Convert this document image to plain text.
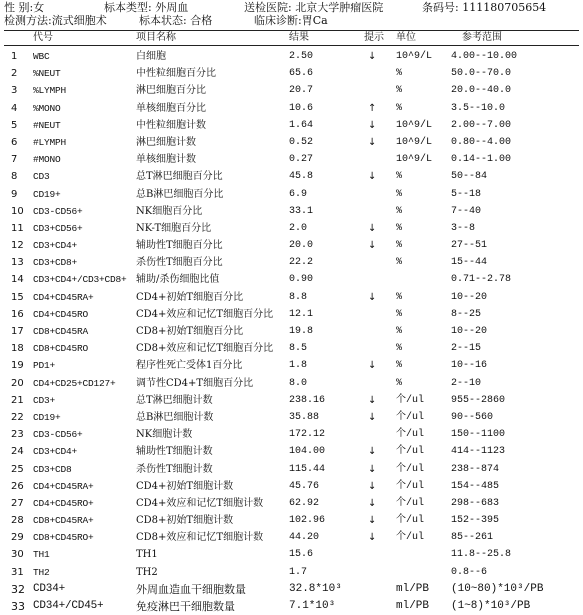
性 别:女	标本类型: 外周血	送检医院: 北京大学肿瘤医院	条码号: 111180705654
检测方法:流式细胞术	标本状态: 合格	临床诊断:胃Ca
代号	项目名称	结果	提示 单位	参考范围
1 WBC	白细胞	2.50	↓ 10^9/L 4.00--10.00
2 %NEUT	中性粒细胞百分比	65.6	%	50.0--70.0
3 %LYMPH	淋巴细胞百分比	20.7	%	20.0--40.0
4 %MONO	单核细胞百分比	10.6	↑ %	3.5--10.0
5 #NEUT	中性粒细胞计数	1.64	↓ 10^9/L 2.00--7.00
6 #LYMPH	淋巴细胞计数	0.52	↓ 10^9/L 0.80--4.00
7 #MONO	单核细胞计数	0.27	10^9/L 0.14--1.00
8 CD3	总T淋巴细胞百分比	45.8	↓ %	50--84
9 CD19+	总B淋巴细胞百分比	6.9	%	5--18
10 CD3-CD56+	NK细胞百分比	33.1	%	7--40
11 CD3+CD56+	NK-T细胞百分比	2.0	↓ %	3--8
12 CD3+CD4+	辅助性T细胞百分比	20.0	↓ %	27--51
13 CD3+CD8+	杀伤性T细胞百分比	22.2	%	15--44
14 CD3+CD4+/CD3+CD8+ 辅助/杀伤细胞比值	0.90	0.71--2.78
15 CD4+CD45RA+	CD4+初始T细胞百分比	8.8	↓ %	10--20
16 CD4+CD45RO	CD4+效应和记忆T细胞百分比 12.1	%	8--25
17 CD8+CD45RA	CD8+初始T细胞百分比	19.8	%	10--20
18 CD8+CD45RO	CD8+效应和记忆T细胞百分比 8.5	%	2--15
19 PD1+	程序性死亡受体1百分比	1.8	↓ %	10--16
20 CD4+CD25+CD127+ 调节性CD4+T细胞百分比	8.0	%	2--10
21 CD3+	总T淋巴细胞计数	238.16	↓ 个/ul	955--2860
22 CD19+	总B淋巴细胞计数	35.88	↓ 个/ul	90--560
23 CD3-CD56+	NK细胞计数	172.12	个/ul	150--1100
24 CD3+CD4+	辅助性T细胞计数	104.00	↓ 个/ul	414--1123
25 CD3+CD8	杀伤性T细胞计数	115.44	↓ 个/ul	238--874
26 CD4+CD45RA+	CD4+初始T细胞计数	45.76	↓ 个/ul	154--485
27 CD4+CD45RO+	CD4+效应和记忆T细胞计数	62.92	↓ 个/ul	298--683
28 CD8+CD45RA+	CD8+初始T细胞计数	102.96	↓ 个/ul	152--395
29 CD8+CD45RO+	CD8+效应和记忆T细胞计数	44.20	↓ 个/ul	85--261
30 TH1	TH1	15.6	11.8--25.8
31 TH2	TH2	1.7	0.8--6
32 CD34+	外周血造血干细胞数量	32.8*10³	ml/PB (10~80)*10³/PB
33 CD34+/CD45+	免疫淋巴干细胞数量	7.1*10³	ml/PB (1~8)*10³/PB
